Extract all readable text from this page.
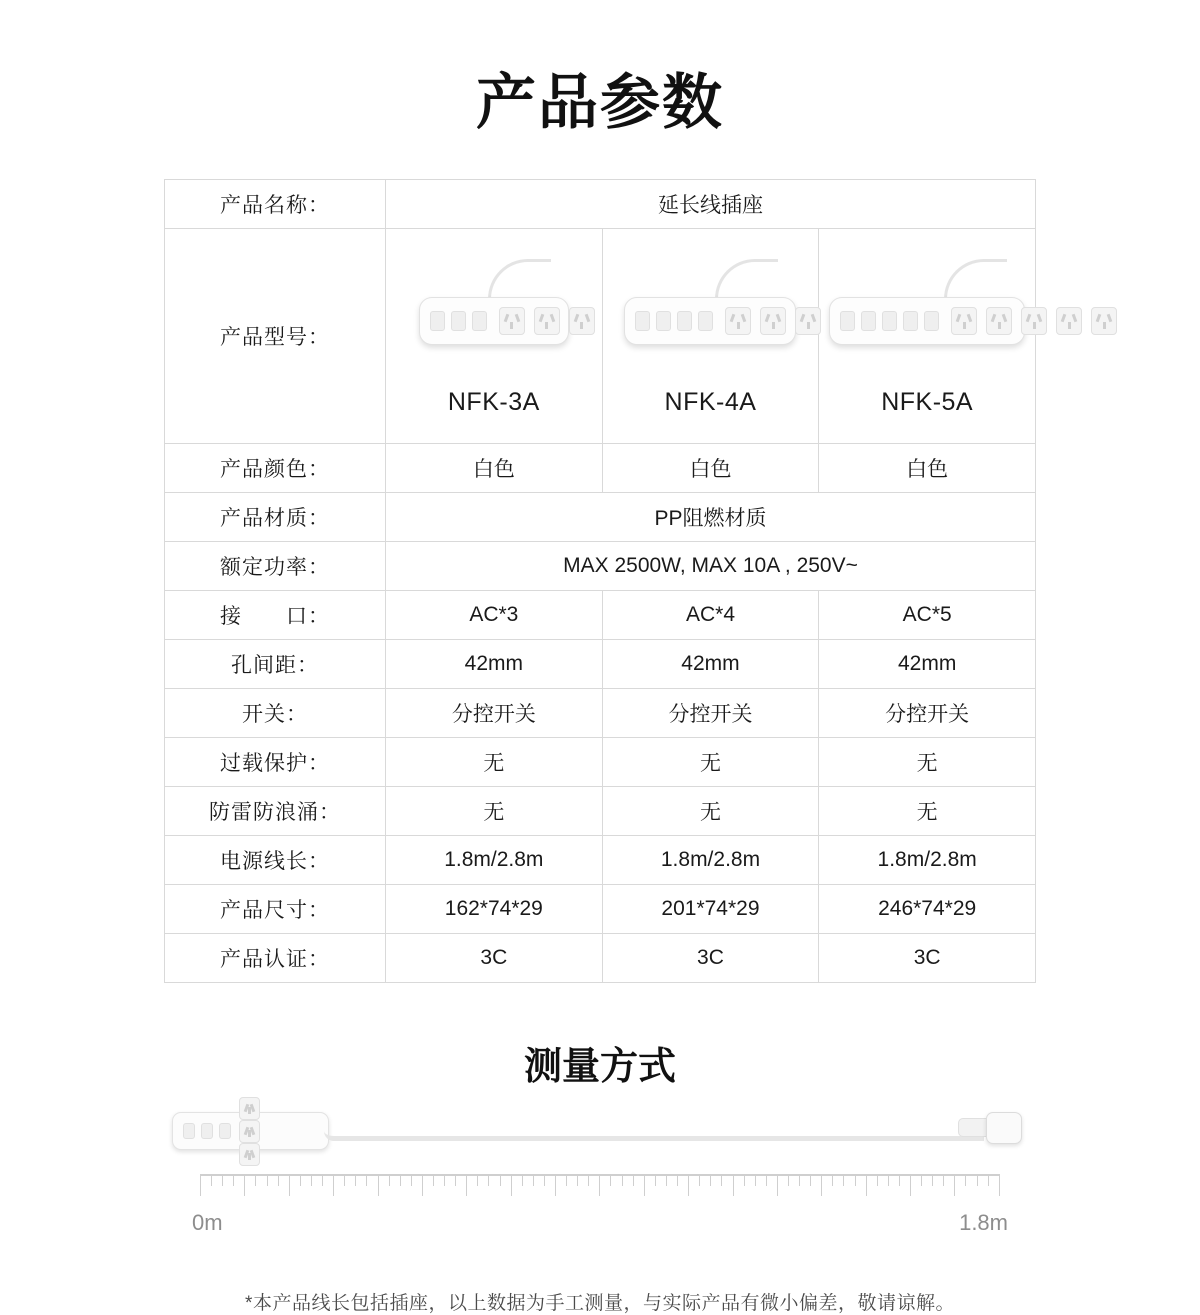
产品参数
产品名称：	延长线插座		
产品型号：	NFK-3A	NFK-4A	NFK-5A

产品颜色：	白色	白色	白色
产品材质：	PP阻燃材质		
额定功率：	MAX 2500W, MAX 10A , 250V~		
接　　口：	AC*3	AC*4	AC*5
孔间距：	42mm	42mm	42mm
开关：	分控开关	分控开关	分控开关
过载保护：	无	无	无
防雷防浪涌：	无	无	无
电源线长：	1.8m/2.8m	1.8m/2.8m	1.8m/2.8m
产品尺寸：	162*74*29	201*74*29	246*74*29
产品认证：	3C	3C	3C
测量方式
0m	1.8m
*本产品线长包括插座，以上数据为手工测量，与实际产品有微小偏差，敬请谅解。
